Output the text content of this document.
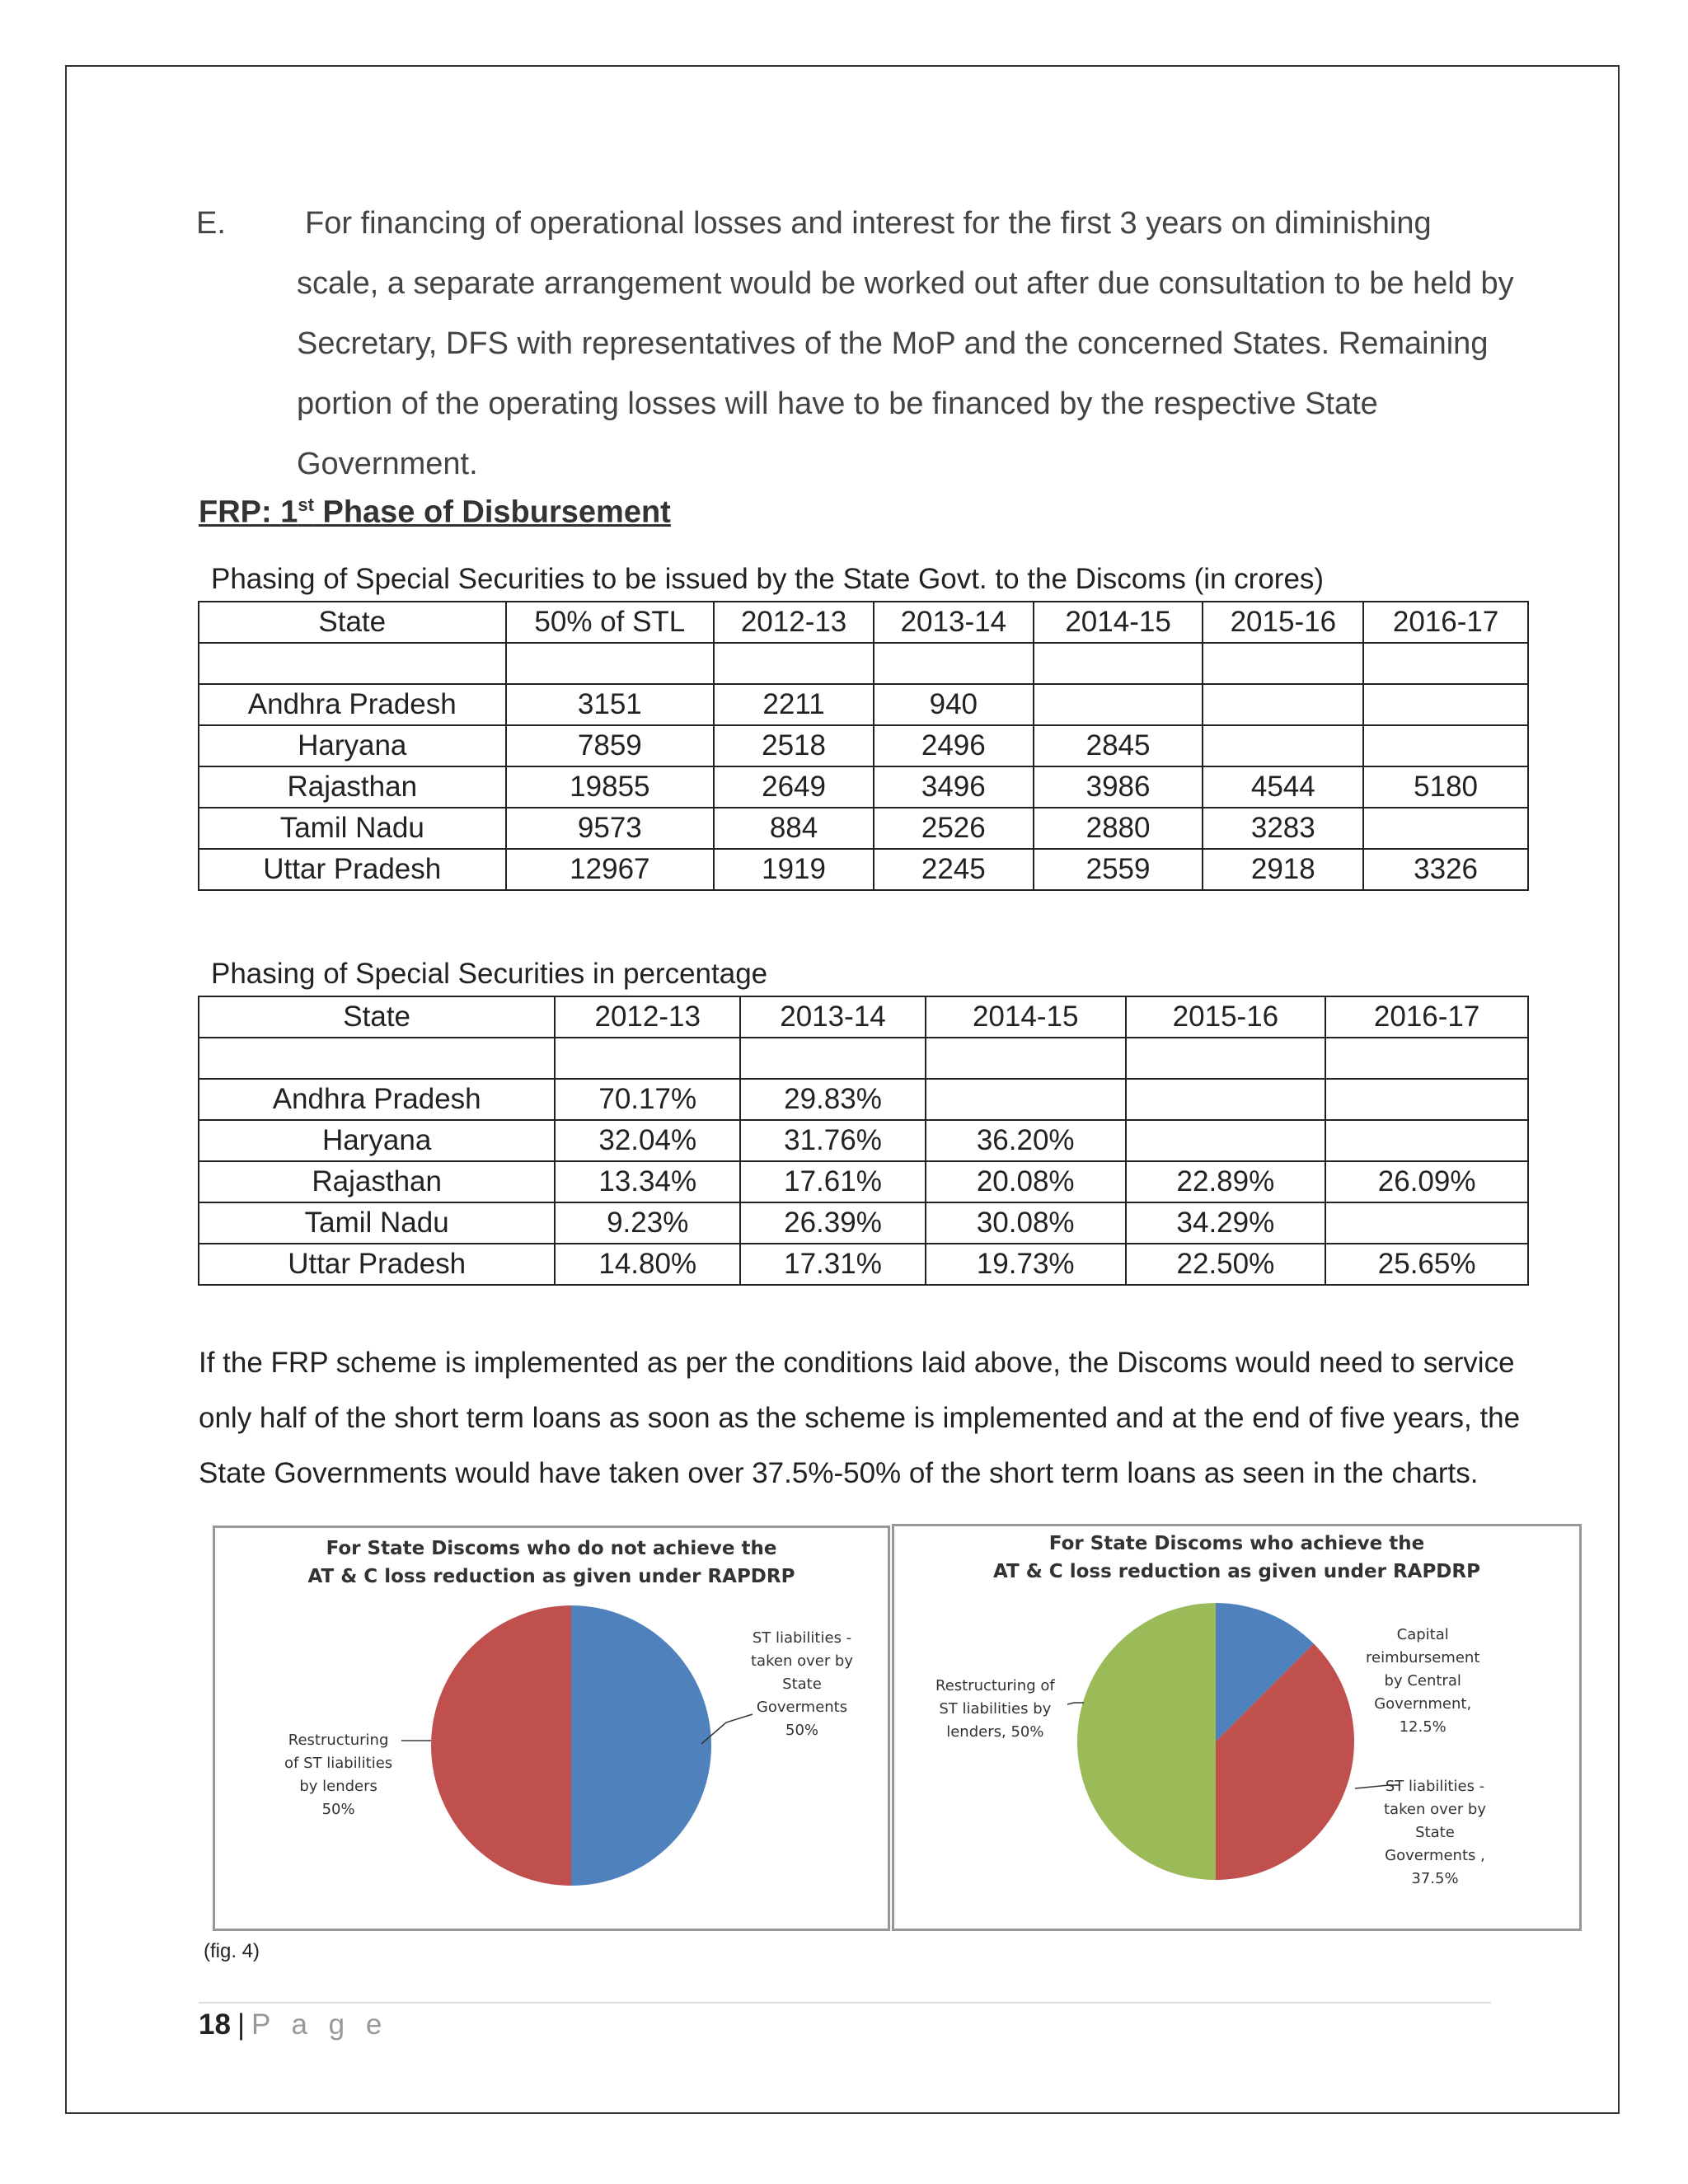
E.	For financing of operational losses and interest for the first 3 years on diminishing
scale, a separate arrangement would be worked out after due consultation to be held by
Secretary, DFS with representatives of the MoP and the concerned States. Remaining
portion of the operating losses will have to be financed by the respective State
Government.
FRP: 1st Phase of Disbursement
Phasing of Special Securities to be issued by the State Govt. to the Discoms (in crores)
State	50% of STL	2012-13	2013-14	2014-15	2015-16	2016-17

Andhra Pradesh	3151	2211	940			
Haryana	7859	2518	2496	2845		
Rajasthan	19855	2649	3496	3986	4544	5180
Tamil Nadu	9573	884	2526	2880	3283	
Uttar Pradesh	12967	1919	2245	2559	2918	3326
Phasing of Special Securities in percentage
State	2012-13	2013-14	2014-15	2015-16	2016-17

Andhra Pradesh	70.17%	29.83%			
Haryana	32.04%	31.76%	36.20%		
Rajasthan	13.34%	17.61%	20.08%	22.89%	26.09%
Tamil Nadu	9.23%	26.39%	30.08%	34.29%	
Uttar Pradesh	14.80%	17.31%	19.73%	22.50%	25.65%
If the FRP scheme is implemented as per the conditions laid above, the Discoms would need to service
only half of the short term loans as soon as the scheme is implemented and at the end of five years, the
State Governments would have taken over 37.5%-50% of the short term loans as seen in the charts.
For State Discoms who do not achieve the
AT & C loss reduction as given under RAPDRP
ST liabilities -
taken over by
State
Goverments
50%
Restructuring
of ST liabilities
by lenders
50%
For State Discoms who achieve the
AT & C loss reduction as given under RAPDRP
Capital
reimbursement
by Central
Government,
12.5%
ST liabilities -
taken over by
State
Goverments ,
37.5%
Restructuring of
ST liabilities by
lenders, 50%
(fig. 4)
18 | P a g e
